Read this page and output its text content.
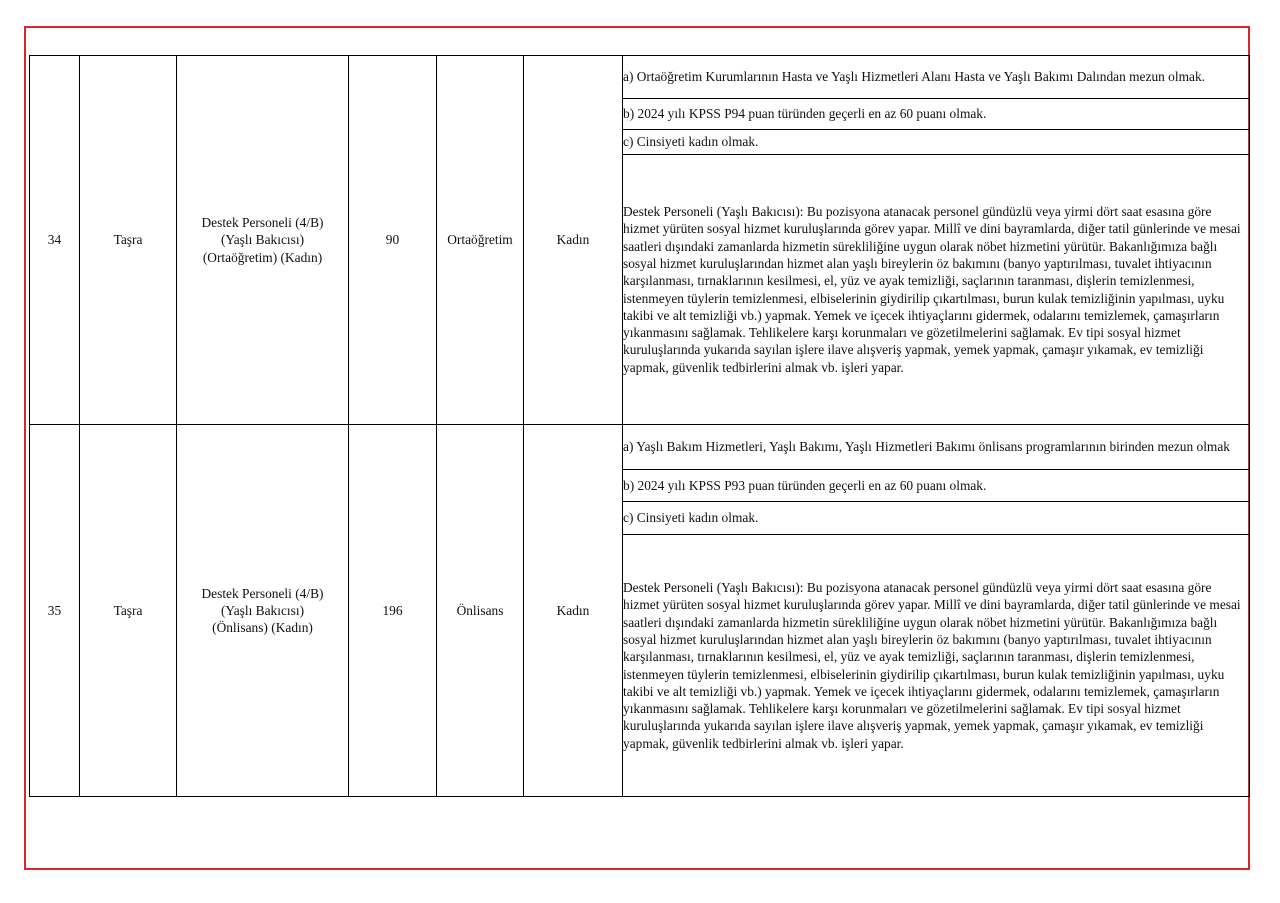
34	Taşra	Destek Personeli (4/B)
(Yaşlı Bakıcısı)
(Ortaöğretim) (Kadın)	90	Ortaöğretim	Kadın	a) Ortaöğretim Kurumlarının Hasta ve Yaşlı Hizmetleri Alanı Hasta ve Yaşlı Bakımı Dalından mezun olmak.
						b) 2024 yılı KPSS P94 puan türünden geçerli en az 60 puanı olmak.
						c) Cinsiyeti kadın olmak.
						Destek Personeli (Yaşlı Bakıcısı): Bu pozisyona atanacak personel gündüzlü veya yirmi dört saat esasına göre hizmet yürüten sosyal hizmet kuruluşlarında görev yapar. Millî ve dini bayramlarda, diğer tatil günlerinde ve mesai saatleri dışındaki zamanlarda hizmetin sürekliliğine uygun olarak nöbet hizmetini yürütür. Bakanlığımıza bağlı sosyal hizmet kuruluşlarından hizmet alan yaşlı bireylerin öz bakımını (banyo yaptırılması, tuvalet ihtiyacının karşılanması, tırnaklarının kesilmesi, el, yüz ve ayak temizliği, saçlarının taranması, dişlerin temizlenmesi, istenmeyen tüylerin temizlenmesi, elbiselerinin giydirilip çıkartılması, burun kulak temizliğinin yapılması, uyku takibi ve alt temizliği vb.) yapmak. Yemek ve içecek ihtiyaçlarını gidermek, odalarını temizlemek, çamaşırların yıkanmasını sağlamak. Tehlikelere karşı korunmaları ve gözetilmelerini sağlamak. Ev tipi sosyal hizmet kuruluşlarında yukarıda sayılan işlere ilave alışveriş yapmak, yemek yapmak, çamaşır yıkamak, ev temizliği yapmak, güvenlik tedbirlerini almak vb. işleri yapar.
35	Taşra	Destek Personeli (4/B)
(Yaşlı Bakıcısı)
(Önlisans) (Kadın)	196	Önlisans	Kadın	a) Yaşlı Bakım Hizmetleri, Yaşlı Bakımı, Yaşlı Hizmetleri Bakımı önlisans programlarının birinden mezun olmak
						b) 2024 yılı KPSS P93 puan türünden geçerli en az 60 puanı olmak.
						c) Cinsiyeti kadın olmak.
						Destek Personeli (Yaşlı Bakıcısı): Bu pozisyona atanacak personel gündüzlü veya yirmi dört saat esasına göre hizmet yürüten sosyal hizmet kuruluşlarında görev yapar. Millî ve dini bayramlarda, diğer tatil günlerinde ve mesai saatleri dışındaki zamanlarda hizmetin sürekliliğine uygun olarak nöbet hizmetini yürütür. Bakanlığımıza bağlı sosyal hizmet kuruluşlarından hizmet alan yaşlı bireylerin öz bakımını (banyo yaptırılması, tuvalet ihtiyacının karşılanması, tırnaklarının kesilmesi, el, yüz ve ayak temizliği, saçlarının taranması, dişlerin temizlenmesi, istenmeyen tüylerin temizlenmesi, elbiselerinin giydirilip çıkartılması, burun kulak temizliğinin yapılması, uyku takibi ve alt temizliği vb.) yapmak. Yemek ve içecek ihtiyaçlarını gidermek, odalarını temizlemek, çamaşırların yıkanmasını sağlamak. Tehlikelere karşı korunmaları ve gözetilmelerini sağlamak. Ev tipi sosyal hizmet kuruluşlarında yukarıda sayılan işlere ilave alışveriş yapmak, yemek yapmak, çamaşır yıkamak, ev temizliği yapmak, güvenlik tedbirlerini almak vb. işleri yapar.
